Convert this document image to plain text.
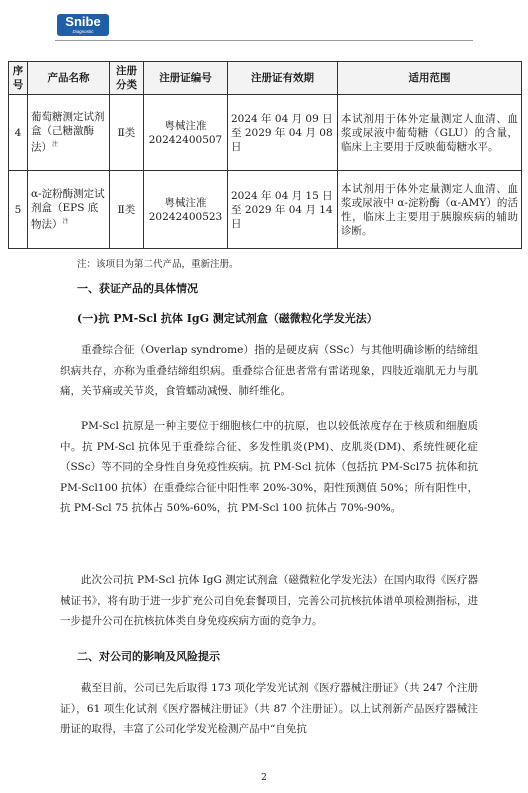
Snibe
Diagnostic
序号	产品名称	注册分类	注册证编号	注册证有效期	适用范围
4	葡萄糖测定试剂盒（己糖激酶法）$^注$	Ⅱ类	粤械注准20242400507	2024 年 04 月 09 日至 2029 年 04 月 08 日	本试剂用于体外定量测定人血清、血浆或尿液中葡萄糖（GLU）的含量，临床上主要用于反映葡萄糖水平。
5	α-淀粉酶测定试剂盒（EPS 底物法）$^注$	Ⅱ类	粤械注准20242400523	2024 年 04 月 15 日至 2029 年 04 月 14 日	本试剂用于体外定量测定人血清、血浆或尿液中 α-淀粉酶（α-AMY）的活性，临床上主要用于胰腺疾病的辅助诊断。
注：该项目为第二代产品，重新注册。
一、获证产品的具体情况
(一)抗 PM-Scl 抗体 IgG 测定试剂盒（磁微粒化学发光法）

重叠综合征（Overlap syndrome）指的是硬皮病（SSc）与其他明确诊断的结缔组织病共存，亦称为重叠结缔组织病。重叠综合征患者常有雷诺现象，四肢近端肌无力与肌痛，关节痛或关节炎，食管蠕动减慢、肺纤维化。

PM-Scl 抗原是一种主要位于细胞核仁中的抗原，也以较低浓度存在于核质和细胞质中。抗 PM-Scl 抗体见于重叠综合征、多发性肌炎(PM)、皮肌炎(DM)、系统性硬化症（SSc）等不同的全身性自身免疫性疾病。抗 PM-Scl 抗体（包括抗 PM-Scl75 抗体和抗 PM-Scl100 抗体）在重叠综合征中阳性率 20%-30%，阳性预测值 50%；所有阳性中，抗 PM-Scl 75 抗体占 50%-60%，抗 PM-Scl 100 抗体占 70%-90%。

此次公司抗 PM-Scl 抗体 IgG 测定试剂盒（磁微粒化学发光法）在国内取得《医疗器械证书》，将有助于进一步扩充公司自免套餐项目，完善公司抗核抗体谱单项检测指标，进一步提升公司在抗核抗体类自身免疫疾病方面的竞争力。

二、对公司的影响及风险提示

截至目前，公司已先后取得 173 项化学发光试剂《医疗器械注册证》（共 247 个注册证），61 项生化试剂《医疗器械注册证》（共 87 个注册证）。以上试剂新产品医疗器械注册证的取得，丰富了公司化学发光检测产品中“自免抗

2
